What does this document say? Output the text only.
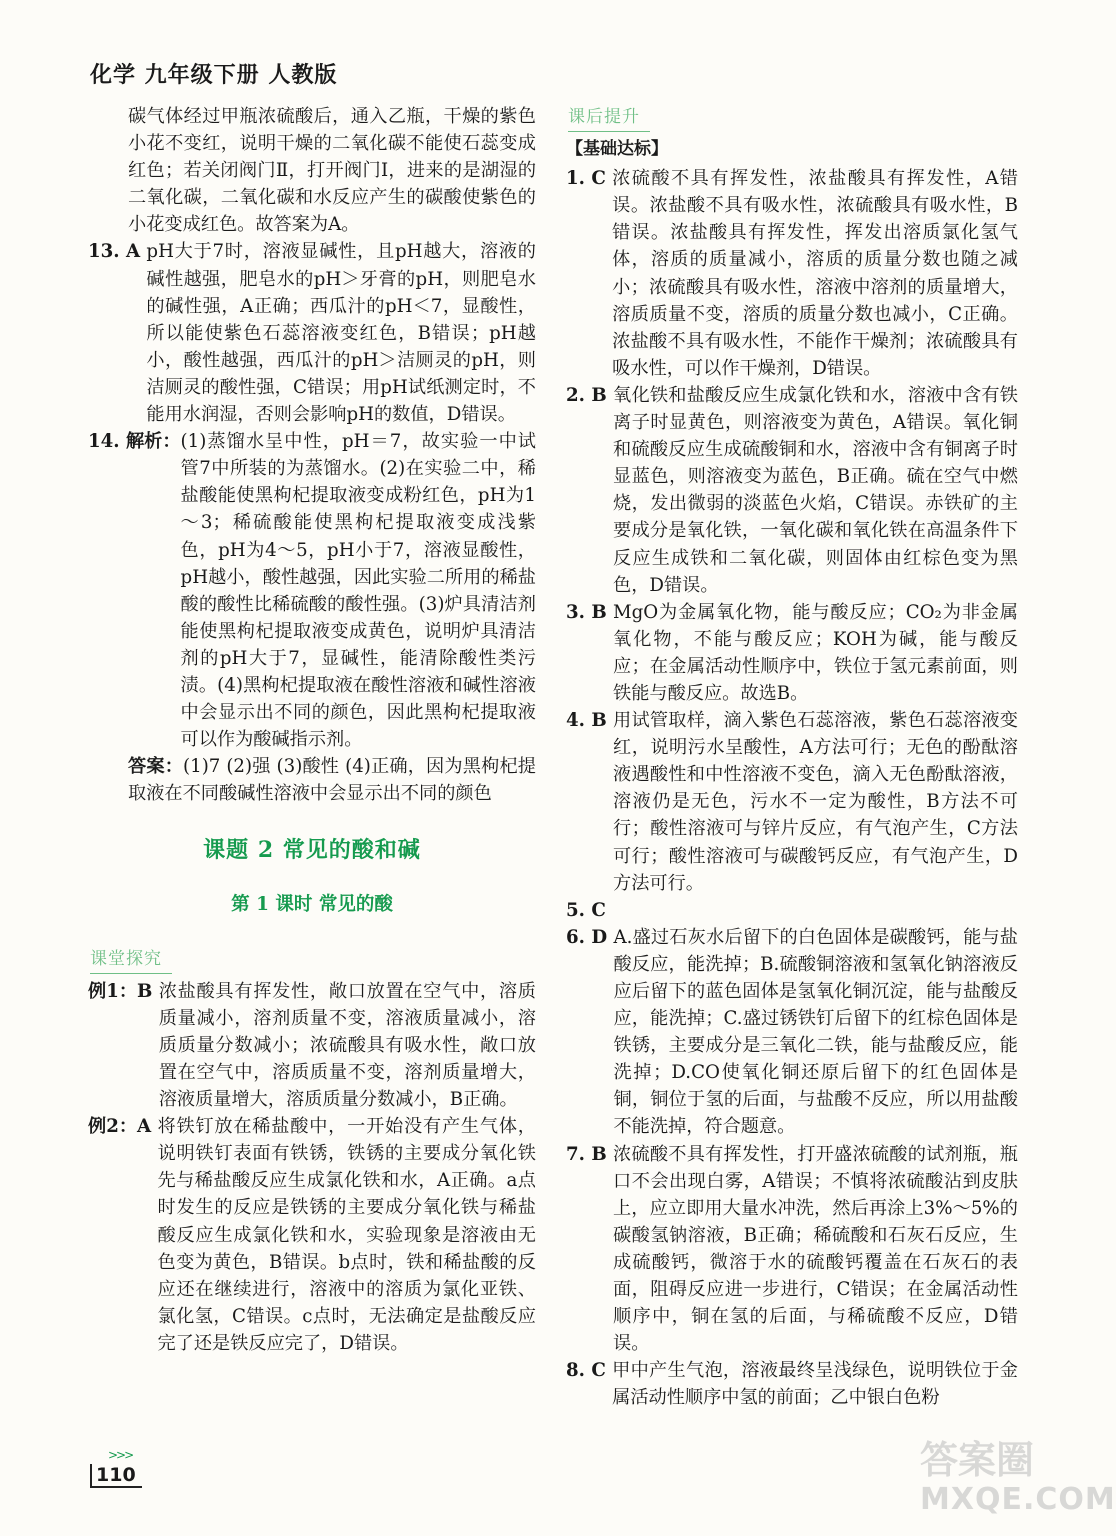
化学 九年级下册 人教版
碳气体经过甲瓶浓硫酸后，通入乙瓶，干燥的紫色小花不变红，说明干燥的二氧化碳不能使石蕊变成红色；若关闭阀门Ⅱ，打开阀门Ⅰ，进来的是湖湿的二氧化碳，二氧化碳和水反应产生的碳酸使紫色的小花变成红色。故答案为A。
13. A pH大于7时，溶液显碱性，且pH越大，溶液的碱性越强，肥皂水的pH＞牙膏的pH，则肥皂水的碱性强，A正确；西瓜汁的pH＜7，显酸性，所以能使紫色石蕊溶液变红色，B错误；pH越小，酸性越强，西瓜汁的pH＞洁厕灵的pH，则洁厕灵的酸性强，C错误；用pH试纸测定时，不能用水润湿，否则会影响pH的数值，D错误。
14. 解析： (1)蒸馏水呈中性，pH＝7，故实验一中试管7中所装的为蒸馏水。(2)在实验二中，稀盐酸能使黑枸杞提取液变成粉红色，pH为1～3；稀硫酸能使黑枸杞提取液变成浅紫色，pH为4～5，pH小于7，溶液显酸性，pH越小，酸性越强，因此实验二所用的稀盐酸的酸性比稀硫酸的酸性强。(3)炉具清洁剂能使黑枸杞提取液变成黄色，说明炉具清洁剂的pH大于7，显碱性，能清除酸性类污渍。(4)黑枸杞提取液在酸性溶液和碱性溶液中会显示出不同的颜色，因此黑枸杞提取液可以作为酸碱指示剂。
答案：(1)7 (2)强 (3)酸性 (4)正确，因为黑枸杞提取液在不同酸碱性溶液中会显示出不同的颜色
课题 2 常见的酸和碱
第 1 课时 常见的酸
课堂探究
例1：B 浓盐酸具有挥发性，敞口放置在空气中，溶质质量减小，溶剂质量不变，溶液质量减小，溶质质量分数减小；浓硫酸具有吸水性，敞口放置在空气中，溶质质量不变，溶剂质量增大，溶液质量增大，溶质质量分数减小，B正确。
例2：A 将铁钉放在稀盐酸中，一开始没有产生气体，说明铁钉表面有铁锈，铁锈的主要成分氧化铁先与稀盐酸反应生成氯化铁和水，A正确。a点时发生的反应是铁锈的主要成分氧化铁与稀盐酸反应生成氯化铁和水，实验现象是溶液由无色变为黄色，B错误。b点时，铁和稀盐酸的反应还在继续进行，溶液中的溶质为氯化亚铁、氯化氢，C错误。c点时，无法确定是盐酸反应完了还是铁反应完了，D错误。
课后提升
【基础达标】
1. C 浓硫酸不具有挥发性，浓盐酸具有挥发性，A错误。浓盐酸不具有吸水性，浓硫酸具有吸水性，B错误。浓盐酸具有挥发性，挥发出溶质氯化氢气体，溶质的质量减小，溶质的质量分数也随之减小；浓硫酸具有吸水性，溶液中溶剂的质量增大，溶质质量不变，溶质的质量分数也减小，C正确。浓盐酸不具有吸水性，不能作干燥剂；浓硫酸具有吸水性，可以作干燥剂，D错误。
2. B 氧化铁和盐酸反应生成氯化铁和水，溶液中含有铁离子时显黄色，则溶液变为黄色，A错误。氧化铜和硫酸反应生成硫酸铜和水，溶液中含有铜离子时显蓝色，则溶液变为蓝色，B正确。硫在空气中燃烧，发出微弱的淡蓝色火焰，C错误。赤铁矿的主要成分是氧化铁，一氧化碳和氧化铁在高温条件下反应生成铁和二氧化碳，则固体由红棕色变为黑色，D错误。
3. B MgO为金属氧化物，能与酸反应；CO₂为非金属氧化物，不能与酸反应；KOH为碱，能与酸反应；在金属活动性顺序中，铁位于氢元素前面，则铁能与酸反应。故选B。
4. B 用试管取样，滴入紫色石蕊溶液，紫色石蕊溶液变红，说明污水呈酸性，A方法可行；无色的酚酞溶液遇酸性和中性溶液不变色，滴入无色酚酞溶液，溶液仍是无色，污水不一定为酸性，B方法不可行；酸性溶液可与锌片反应，有气泡产生，C方法可行；酸性溶液可与碳酸钙反应，有气泡产生，D方法可行。
5. C
6. D A.盛过石灰水后留下的白色固体是碳酸钙，能与盐酸反应，能洗掉；B.硫酸铜溶液和氢氧化钠溶液反应后留下的蓝色固体是氢氧化铜沉淀，能与盐酸反应，能洗掉；C.盛过锈铁钉后留下的红棕色固体是铁锈，主要成分是三氧化二铁，能与盐酸反应，能洗掉；D.CO使氧化铜还原后留下的红色固体是铜，铜位于氢的后面，与盐酸不反应，所以用盐酸不能洗掉，符合题意。
7. B 浓硫酸不具有挥发性，打开盛浓硫酸的试剂瓶，瓶口不会出现白雾，A错误；不慎将浓硫酸沾到皮肤上，应立即用大量水冲洗，然后再涂上3%～5%的碳酸氢钠溶液，B正确；稀硫酸和石灰石反应，生成硫酸钙，微溶于水的硫酸钙覆盖在石灰石的表面，阻碍反应进一步进行，C错误；在金属活动性顺序中，铜在氢的后面，与稀硫酸不反应，D错误。
8. C 甲中产生气泡，溶液最终呈浅绿色，说明铁位于金属活动性顺序中氢的前面；乙中银白色粉
>>>
110	答案圈
MXQE.COM
